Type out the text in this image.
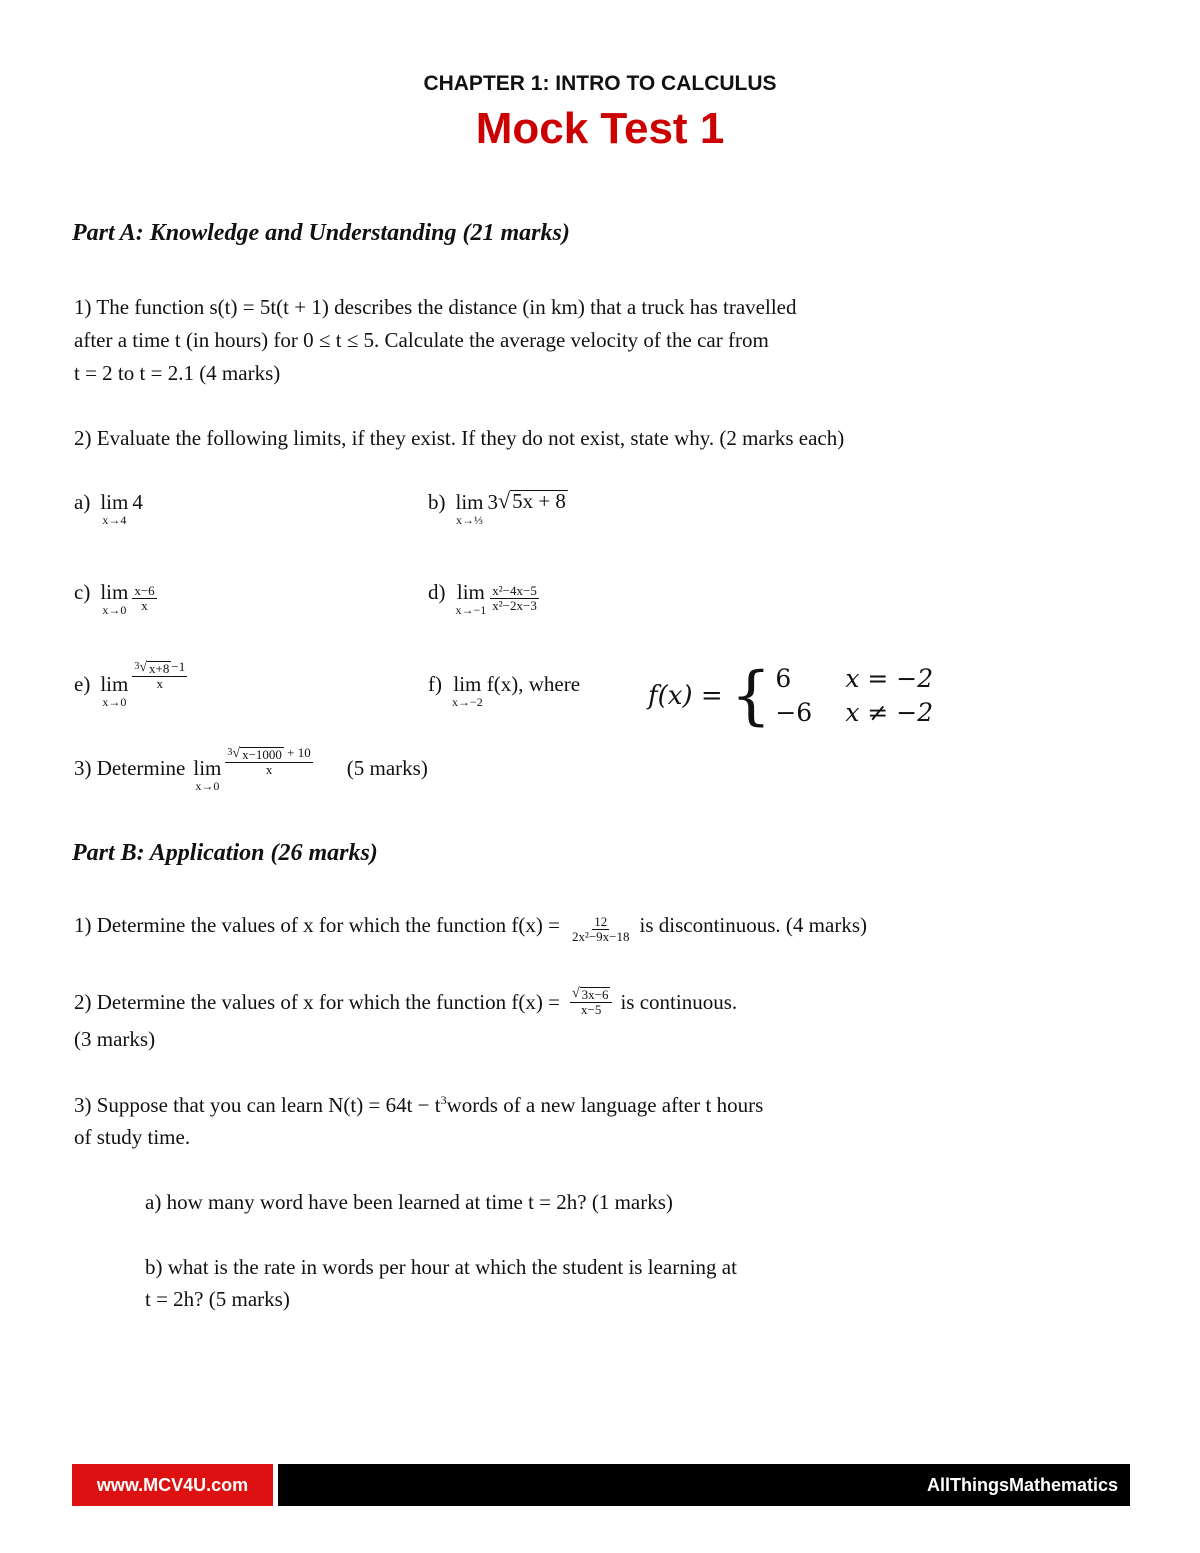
CHAPTER 1: INTRO TO CALCULUS
Mock Test 1
Part A: Knowledge and Understanding (21 marks)
1) The function s(t) = 5t(t + 1) describes the distance (in km) that a truck has travelled
after a time t (in hours) for 0 ≤ t ≤ 5. Calculate the average velocity of the car from
t = 2 to t = 2.1 (4 marks)
2) Evaluate the following limits, if they exist. If they do not exist, state why. (2 marks each)
a) lim
x→4
4	b) lim
x→⅓
3 √ 5x + 8
c) lim
$x\to 0 \frac{x-6}{x}$	d) lim
$x\to-1 \frac{\text{x²−4x−5}}{\text{x²−2x−3}}$
e) lim
x→0
$\frac{^3 √ x+8 -1}{x}$	f) lim
x→−2
f(x), where	f(x) = { 6	x = −2
−6	x ≠ −2
3) Determine lim
x→0
$\frac{^3 √ x-1000 + 10}{x} (5$ marks)
Part B: Application (26 marks)
1) Determine the values of x for which the function $f(x) = \frac{12}{\text{2x²−9x−18}}$ is discontinuous. (4 marks)
2) Determine the values of x for which the function $f(x) = \frac{√ 3x-6}{x-5}$ is continuous.
(3 marks)
3) Suppose that you can learn $N(t) = 64t - t^3words$ of a new language after t hours
of study time.
a) how many word have been learned at time t = 2h? (1 marks)
b) what is the rate in words per hour at which the student is learning at
t = 2h? (5 marks)
www.MCV4U.com	AllThingsMathematics
